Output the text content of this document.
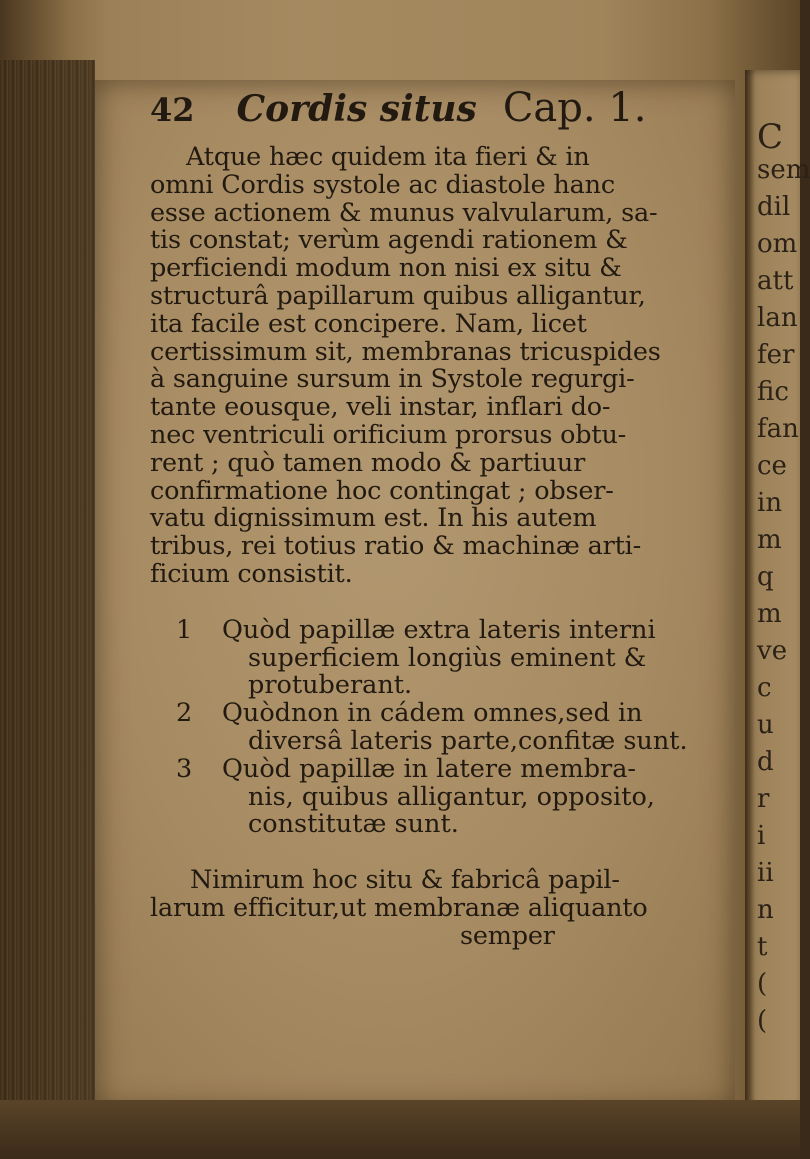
C
sem
dil
om
att
lan
fer
fic
fan
ce
in
m
q
m
ve
c
u
d
r
i
ii
n
t
(
(
42 Cordis situs Cap. 1.

Atque hæc quidem ita fieri & in
omni Cordis systole ac diastole hanc
esse actionem & munus valvularum, sa-
tis constat; verùm agendi rationem &
perficiendi modum non nisi ex situ &
structurâ papillarum quibus alligantur,
ita facile est concipere. Nam, licet
certissimum sit, membranas tricuspides
à sanguine sursum in Systole regurgi-
tante eousque, veli instar, inflari do-
nec ventriculi orificium prorsus obtu-
rent ; quò tamen modo & partiuur
confirmatione hoc contingat ; obser-
vatu dignissimum est. In his autem
tribus, rei totius ratio & machinæ arti-
ficium consistit.

1	Quòd papillæ extra lateris interni
superficiem longiùs eminent &
protuberant.
2	Quòdnon in cádem omnes,sed in
diversâ lateris parte,confitæ sunt.
3	Quòd papillæ in latere membra-
nis, quibus alligantur, opposito,
constitutæ sunt.

Nimirum hoc situ & fabricâ papil-
larum efficitur,ut membranæ aliquanto
semper
